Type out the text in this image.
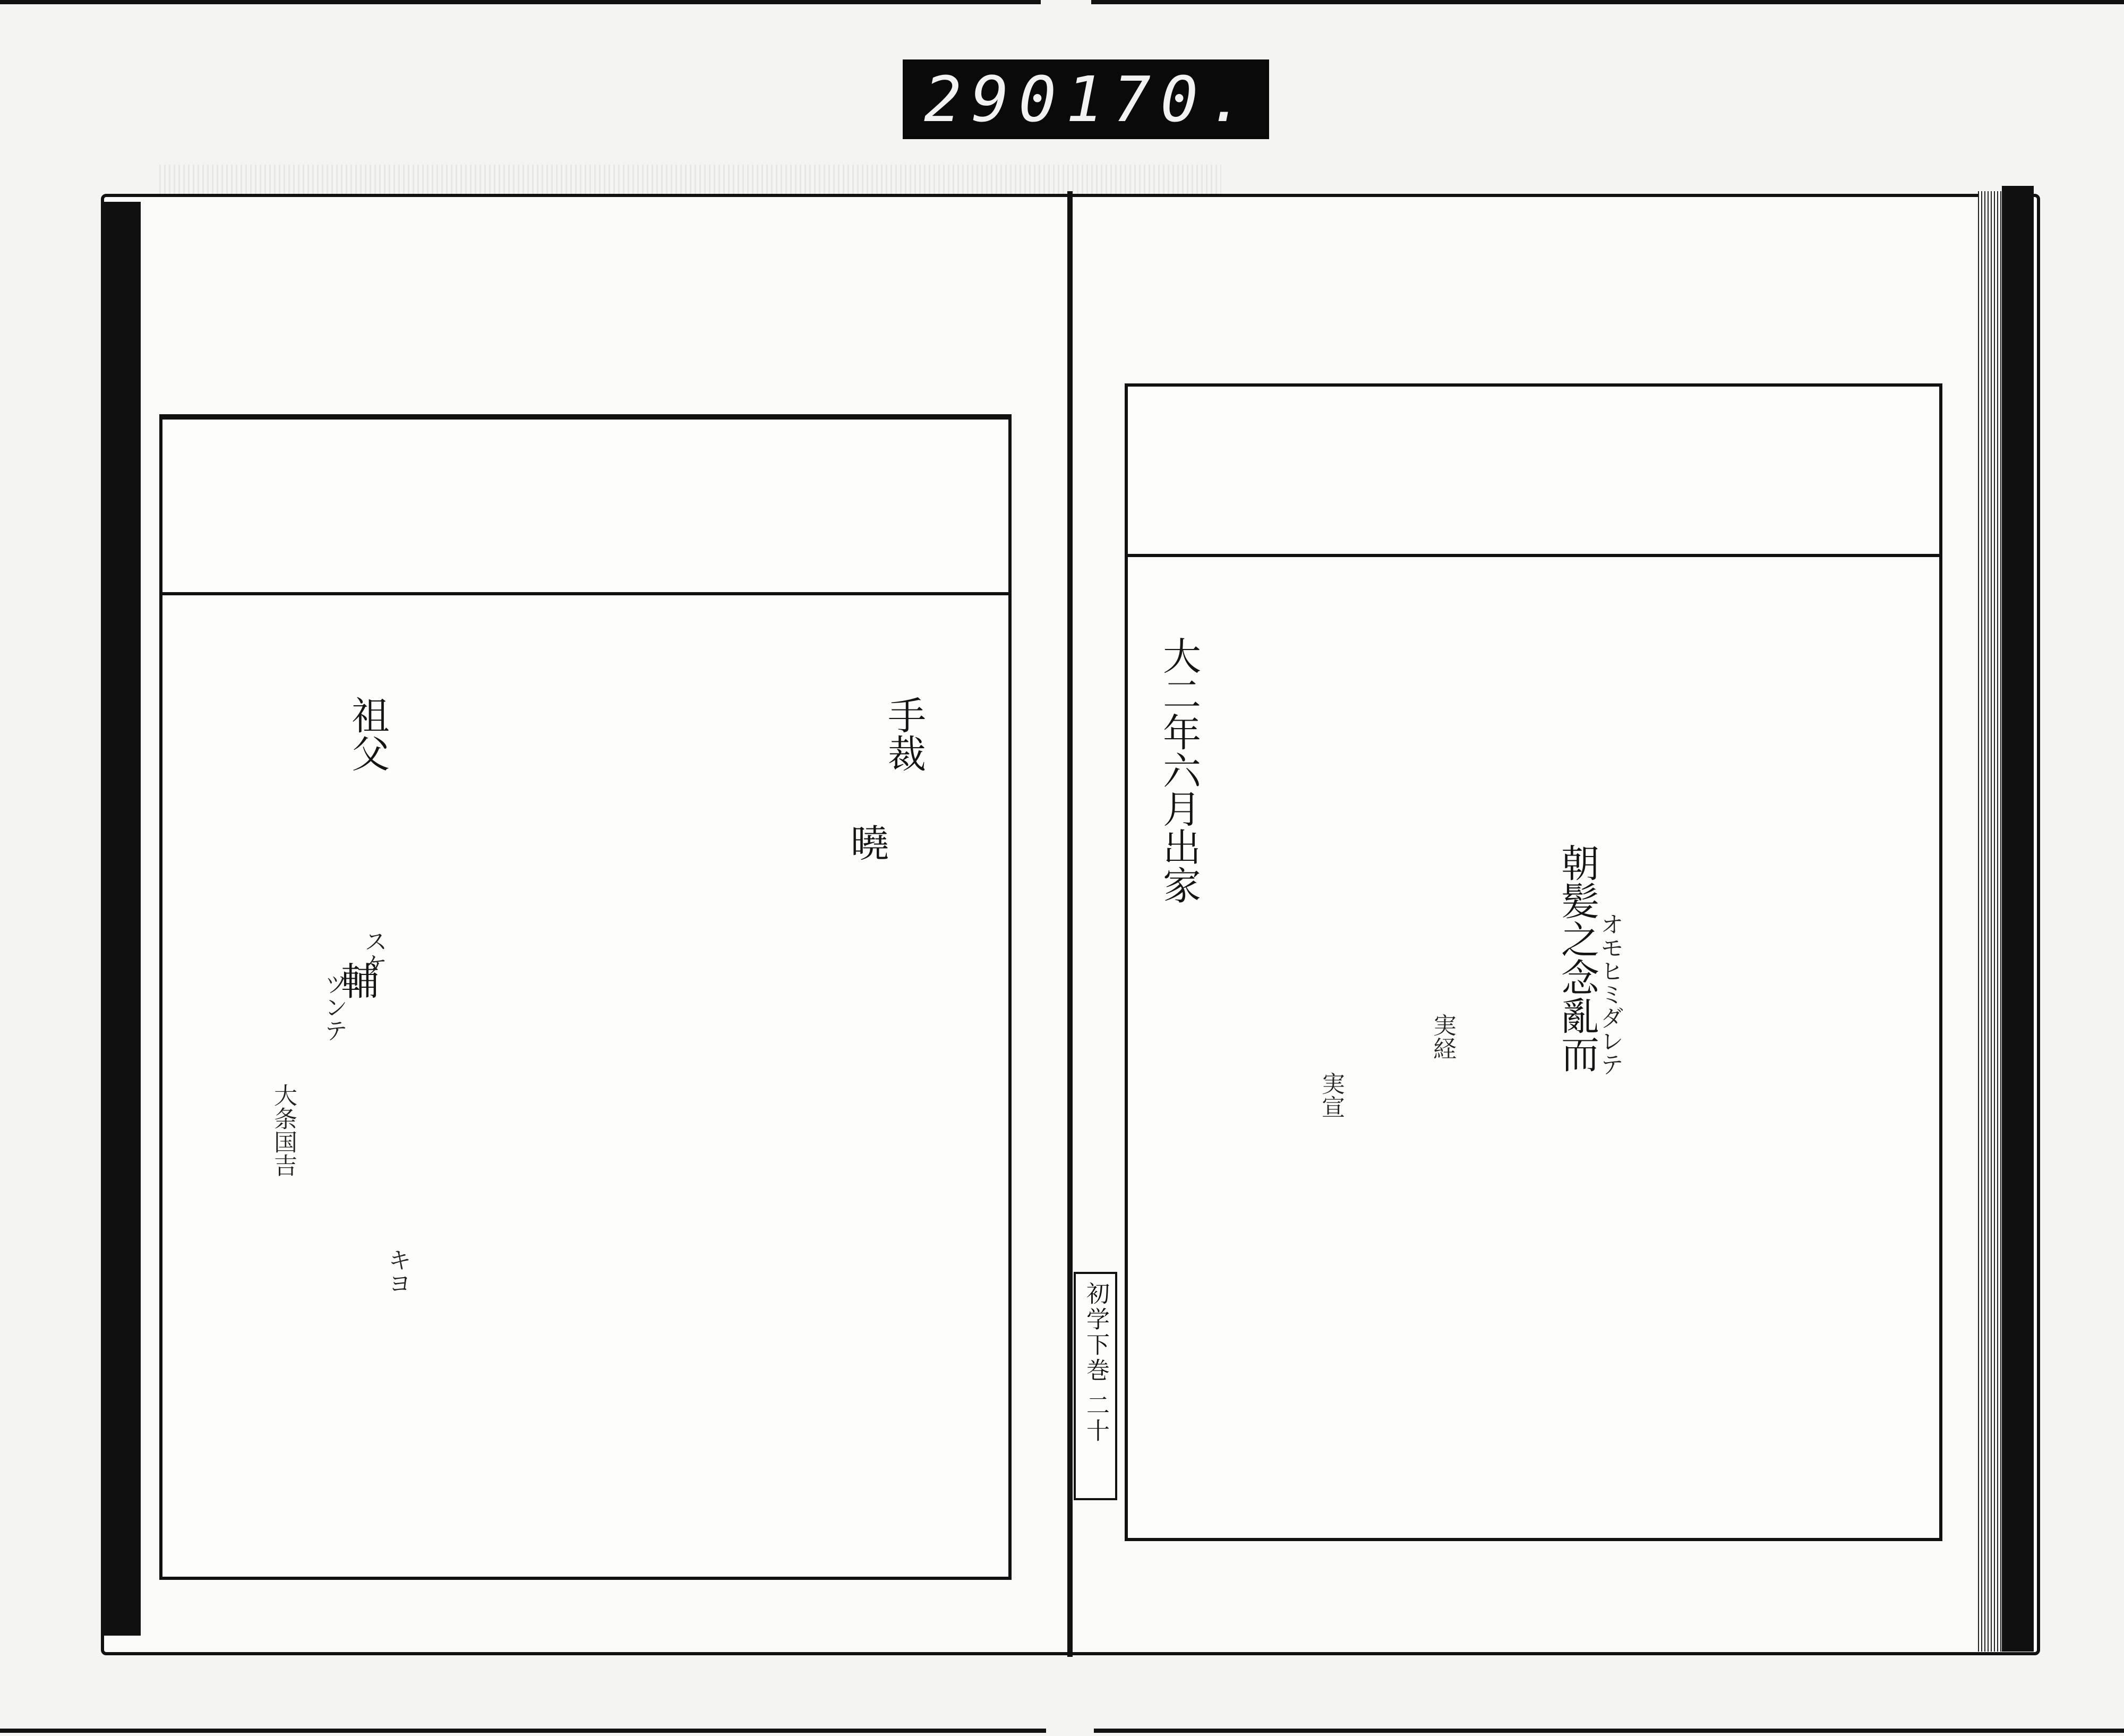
290 170.
手裁
曉
祖父
輔
大条国吉
ツンテ
キヨ
スケ	朝髪之念亂而
実経
実宣
大二年六月出家
オモヒミダレテ
初学下巻 二十
